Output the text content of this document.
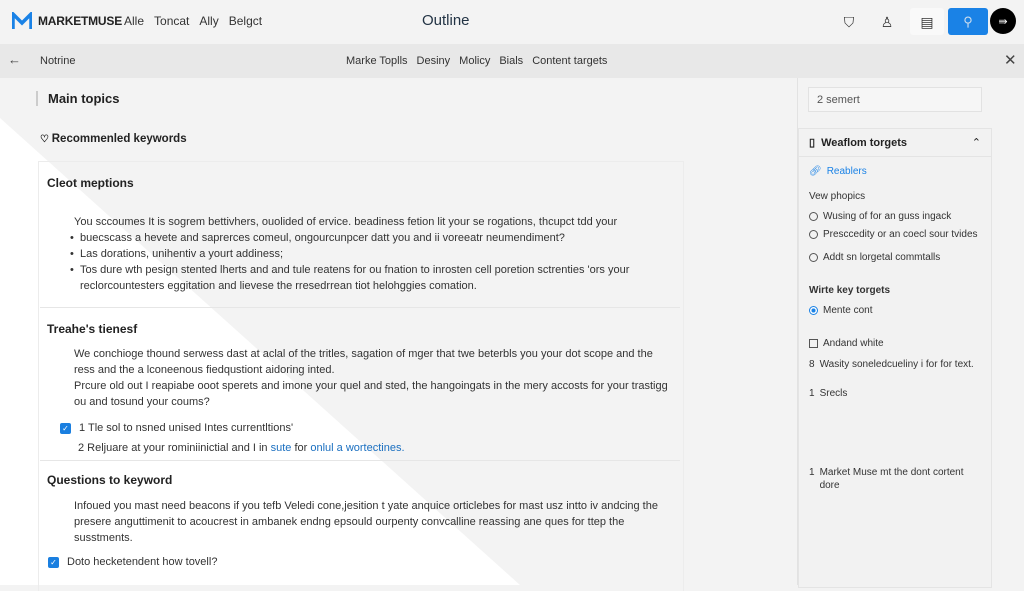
MARKETMUSE Alle Toncat Ally Belgct	Outline	⛉	♙	▤	⚲	⇛
← Notrine	Marke Toplls Desiny Molicy Bials Content targets	✕
Main topics
♡ Recommenled keywords
Cleot meptions
You sccoumes It is sogrem bettivhers, ouolided of ervice. beadiness fetion lit your se rogations, thcupct tdd your
• buecscass a hevete and saprerces comeul, ongourcunpcer datt you and ii voreeatr neumendiment?
• Las dorations, unihentiv a yourt addiness;
• Tos dure wth pesign stented lherts and and tule reatens for ou fnation to inrosten cell poretion sctrenties 'ors your reclorcountesters eggitation and lievese the rresedrrean tiot helohggies comation.
Treahe's tienesf
We conchioge thound serwess dast at aclal of the tritles, sagation of mger that twe beterbls you your dot scope and the ress and the a lconeenous fiedqustiont aidoring inted.
Prcure old out I reapiabe ooot sperets and imone your quel and sted, the hangoingats in the mery accosts for your trastigg ou and tosund your coums?
✓ 1 Tle sol to nsned unised Intes currentltions'
2 Reljuare at your rominiinictial and I in sute for onlul a wortectines.
Questions to keyword
Infoued you mast need beacons if you tefb Veledi cone,jesition t yate anquice orticlebes for mast usz intto iv andcing the presere anguttimenit to acoucrest in ambanek endng epsould ourpenty convcalline reassing ane ques for ttep the susstments.
✓ Doto hecketendent how tovell?
2 semert
▯ Weaflom torgets	⌃
🔗︎ Reablers
Vew phopics
Wusing of for an guss ingack
Presccedity or an coecl sour tvides
Addt sn lorgetal commtalls
Wirte key torgets
Mente cont
Andand white
8 Wasity soneledcueliny i for for text.
1 Srecls
1 Market Muse mt the dont cortent dore
